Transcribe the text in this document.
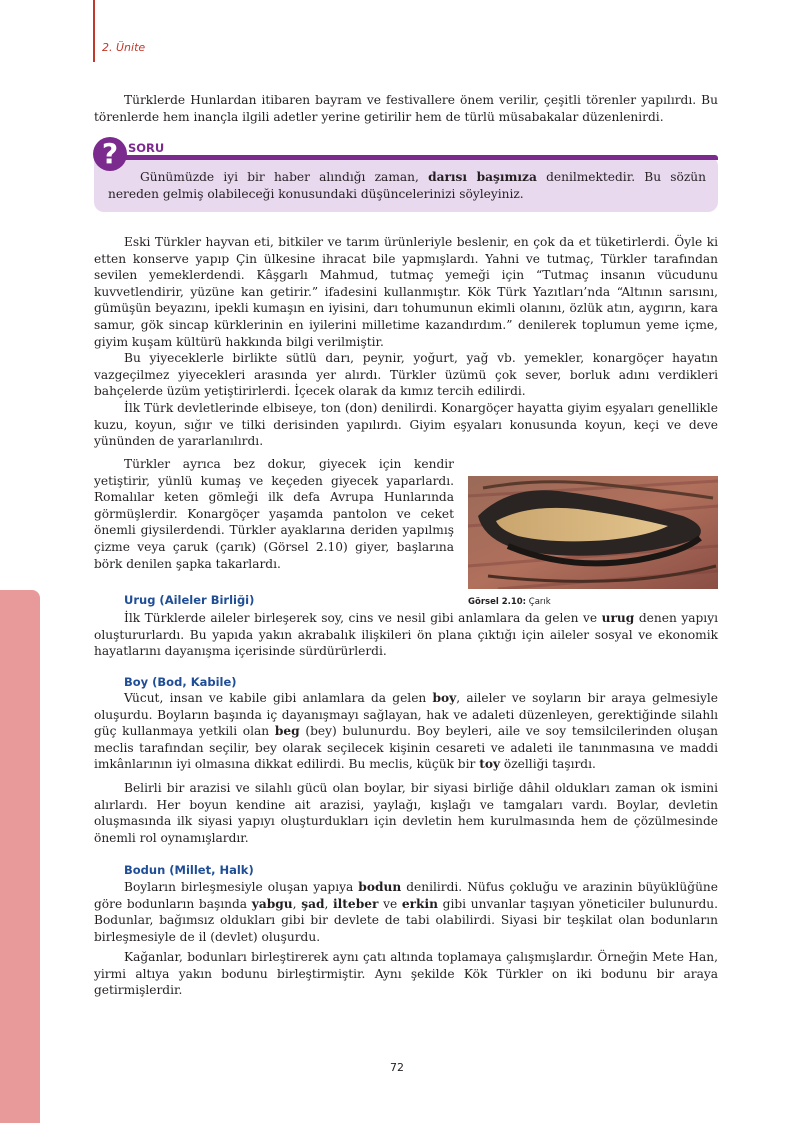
2. Ünite

Türklerde Hunlardan itibaren bayram ve festivallere önem verilir, çeşitli törenler yapılırdı. Bu törenlerde hem inançla ilgili adetler yerine getirilir hem de türlü müsabakalar düzenlenirdi.

? SORU

Günümüzde iyi bir haber alındığı zaman, darısı başımıza denilmektedir. Bu sözün nereden gelmiş olabileceği konusundaki düşüncelerinizi söyleyiniz.

Eski Türkler hayvan eti, bitkiler ve tarım ürünleriyle beslenir, en çok da et tüketirlerdi. Öyle ki etten konserve yapıp Çin ülkesine ihracat bile yapmışlardı. Yahni ve tutmaç, Türkler tarafından sevilen yemeklerdendi. Kâşgarlı Mahmud, tutmaç yemeği için “Tutmaç insanın vücudunu kuvvetlendirir, yüzüne kan getirir.” ifadesini kullanmıştır. Kök Türk Yazıtları’nda “Altının sarısını, gümüşün beyazını, ipekli kumaşın en iyisini, darı tohumunun ekimli olanını, özlük atın, aygırın, kara samur, gök sincap kürklerinin en iyilerini milletime kazandırdım.” denilerek toplumun yeme içme, giyim kuşam kültürü hakkında bilgi verilmiştir.

Bu yiyeceklerle birlikte sütlü darı, peynir, yoğurt, yağ vb. yemekler, konargöçer hayatın vazgeçilmez yiyecekleri arasında yer alırdı. Türkler üzümü çok sever, borluk adını verdikleri bahçelerde üzüm yetiştirirlerdi. İçecek olarak da kımız tercih edilirdi.

İlk Türk devletlerinde elbiseye, ton (don) denilirdi. Konargöçer hayatta giyim eşyaları genellikle kuzu, koyun, sığır ve tilki derisinden yapılırdı. Giyim eşyaları konusunda koyun, keçi ve deve yününden de yararlanılırdı.

Türkler ayrıca bez dokur, giyecek için kendir yetiştirir, yünlü kumaş ve keçeden giyecek yaparlardı. Romalılar keten gömleği ilk defa Avrupa Hunlarında görmüşlerdir. Konargöçer yaşamda pantolon ve ceket önemli giysilerdendi. Türkler ayaklarına deriden yapılmış çizme veya çaruk (çarık) (Görsel 2.10) giyer, başlarına börk denilen şapka takarlardı.

Görsel 2.10: Çarık
Urug (Aileler Birliği)

İlk Türklerde aileler birleşerek soy, cins ve nesil gibi anlamlara da gelen ve urug denen yapıyı oluştururlardı. Bu yapıda yakın akrabalık ilişkileri ön plana çıktığı için aileler sosyal ve ekonomik hayatlarını dayanışma içerisinde sürdürürlerdi.

Boy (Bod, Kabile)

Vücut, insan ve kabile gibi anlamlara da gelen boy, aileler ve soyların bir araya gelmesiyle oluşurdu. Boyların başında iç dayanışmayı sağlayan, hak ve adaleti düzenleyen, gerektiğinde silahlı güç kullanmaya yetkili olan beg (bey) bulunurdu. Boy beyleri, aile ve soy temsilcilerinden oluşan meclis tarafından seçilir, bey olarak seçilecek kişinin cesareti ve adaleti ile tanınmasına ve maddi imkânlarının iyi olmasına dikkat edilirdi. Bu meclis, küçük bir toy özelliği taşırdı.

Belirli bir arazisi ve silahlı gücü olan boylar, bir siyasi birliğe dâhil oldukları zaman ok ismini alırlardı. Her boyun kendine ait arazisi, yaylağı, kışlağı ve tamgaları vardı. Boylar, devletin oluşmasında ilk siyasi yapıyı oluşturdukları için devletin hem kurulmasında hem de çözülmesinde önemli rol oynamışlardır.

Bodun (Millet, Halk)

Boyların birleşmesiyle oluşan yapıya bodun denilirdi. Nüfus çokluğu ve arazinin büyüklüğüne göre bodunların başında yabgu, şad, ilteber ve erkin gibi unvanlar taşıyan yöneticiler bulunurdu. Bodunlar, bağımsız oldukları gibi bir devlete de tabi olabilirdi. Siyasi bir teşkilat olan bodunların birleşmesiyle de il (devlet) oluşurdu.

Kağanlar, bodunları birleştirerek aynı çatı altında toplamaya çalışmışlardır. Örneğin Mete Han, yirmi altıya yakın bodunu birleştirmiştir. Aynı şekilde Kök Türkler on iki bodunu bir araya getirmişlerdir.

72
